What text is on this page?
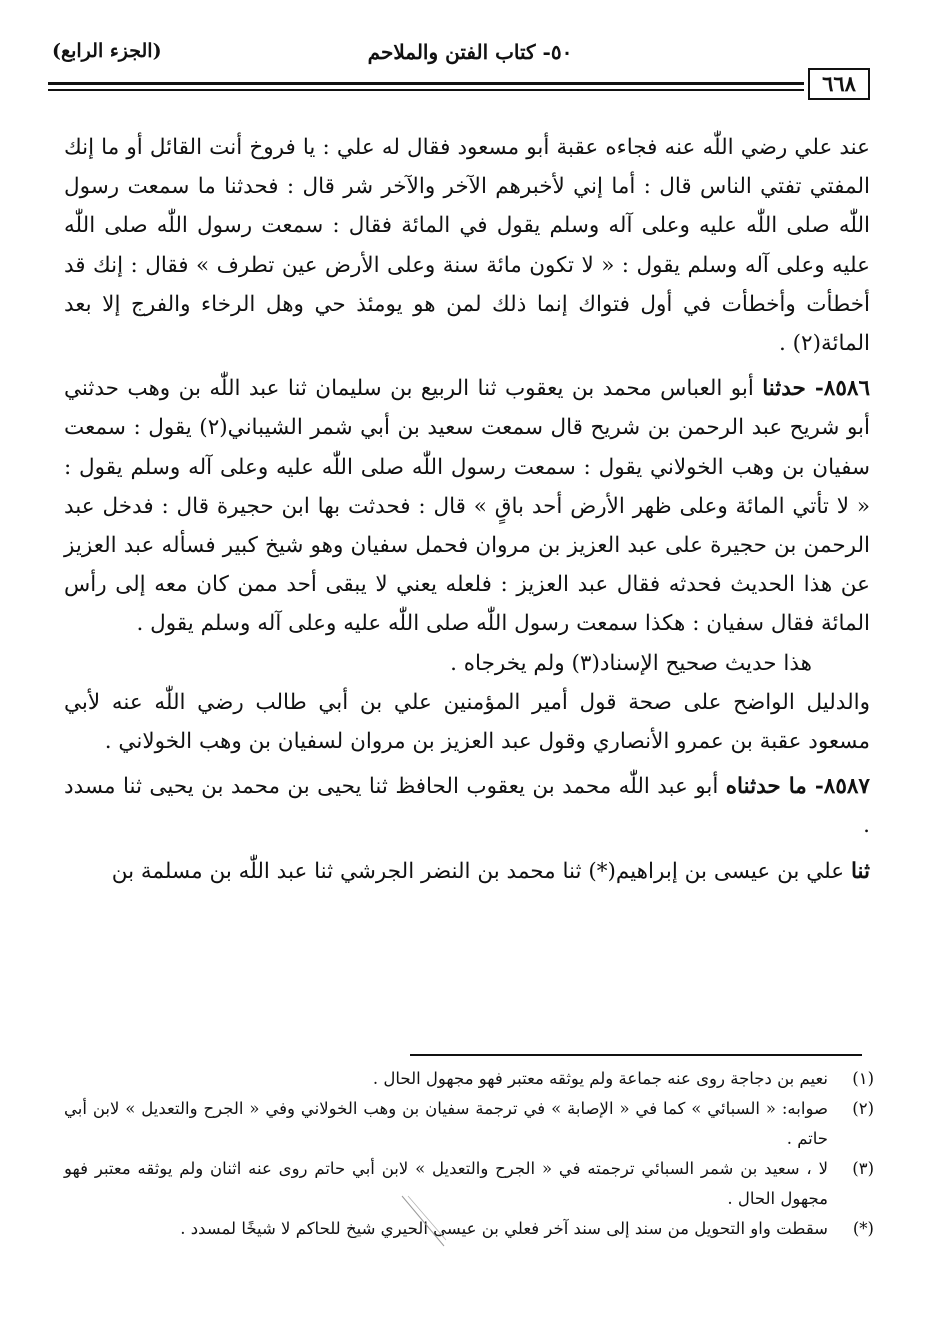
(الجزء الرابع)	٥٠- كتاب الفتن والملاحم
٦٦٨

عند علي رضي اللّٰه عنه فجاءه عقبة أبو مسعود فقال له علي : يا فروخ أنت القائل أو ما إنك المفتي تفتي الناس قال : أما إني لأخبرهم الآخر والآخر شر قال : فحدثنا ما سمعت رسول اللّٰه صلى اللّٰه عليه وعلى آله وسلم يقول في المائة فقال : سمعت رسول اللّٰه صلى اللّٰه عليه وعلى آله وسلم يقول : « لا تكون مائة سنة وعلى الأرض عين تطرف » فقال : إنك قد أخطأت وأخطأت في أول فتواك إنما ذلك لمن هو يومئذ حي وهل الرخاء والفرج إلا بعد المائة(٢) .

٨٥٨٦- حدثنا أبو العباس محمد بن يعقوب ثنا الربيع بن سليمان ثنا عبد اللّٰه بن وهب حدثني أبو شريح عبد الرحمن بن شريح قال سمعت سعيد بن أبي شمر الشيباني(٢) يقول : سمعت سفيان بن وهب الخولاني يقول : سمعت رسول اللّٰه صلى اللّٰه عليه وعلى آله وسلم يقول : « لا تأتي المائة وعلى ظهر الأرض أحد باقٍ » قال : فحدثت بها ابن حجيرة قال : فدخل عبد الرحمن بن حجيرة على عبد العزيز بن مروان فحمل سفيان وهو شيخ كبير فسأله عبد العزيز عن هذا الحديث فحدثه فقال عبد العزيز : فلعله يعني لا يبقى أحد ممن كان معه إلى رأس المائة فقال سفيان : هكذا سمعت رسول اللّٰه صلى اللّٰه عليه وعلى آله وسلم يقول .

هذا حديث صحيح الإسناد(٣) ولم يخرجاه .

والدليل الواضح على صحة قول أمير المؤمنين علي بن أبي طالب رضي اللّٰه عنه لأبي مسعود عقبة بن عمرو الأنصاري وقول عبد العزيز بن مروان لسفيان بن وهب الخولاني .

٨٥٨٧- ما حدثناه أبو عبد اللّٰه محمد بن يعقوب الحافظ ثنا يحيى بن محمد بن يحيى ثنا مسدد .

ثنا علي بن عيسى بن إبراهيم(*) ثنا محمد بن النضر الجرشي ثنا عبد اللّٰه بن مسلمة بن

(١)
نعيم بن دجاجة روى عنه جماعة ولم يوثقه معتبر فهو مجهول الحال .
(٢)
صوابه: « السبائي » كما في « الإصابة » في ترجمة سفيان بن وهب الخولاني وفي « الجرح والتعديل » لابن أبي حاتم .
(٣)
لا ، سعيد بن شمر السبائي ترجمته في « الجرح والتعديل » لابن أبي حاتم روى عنه اثنان ولم يوثقه معتبر فهو مجهول الحال .
(*)
سقطت واو التحويل من سند إلى سند آخر فعلي بن عيسى الحيري شيخ للحاكم لا شيخًا لمسدد .
